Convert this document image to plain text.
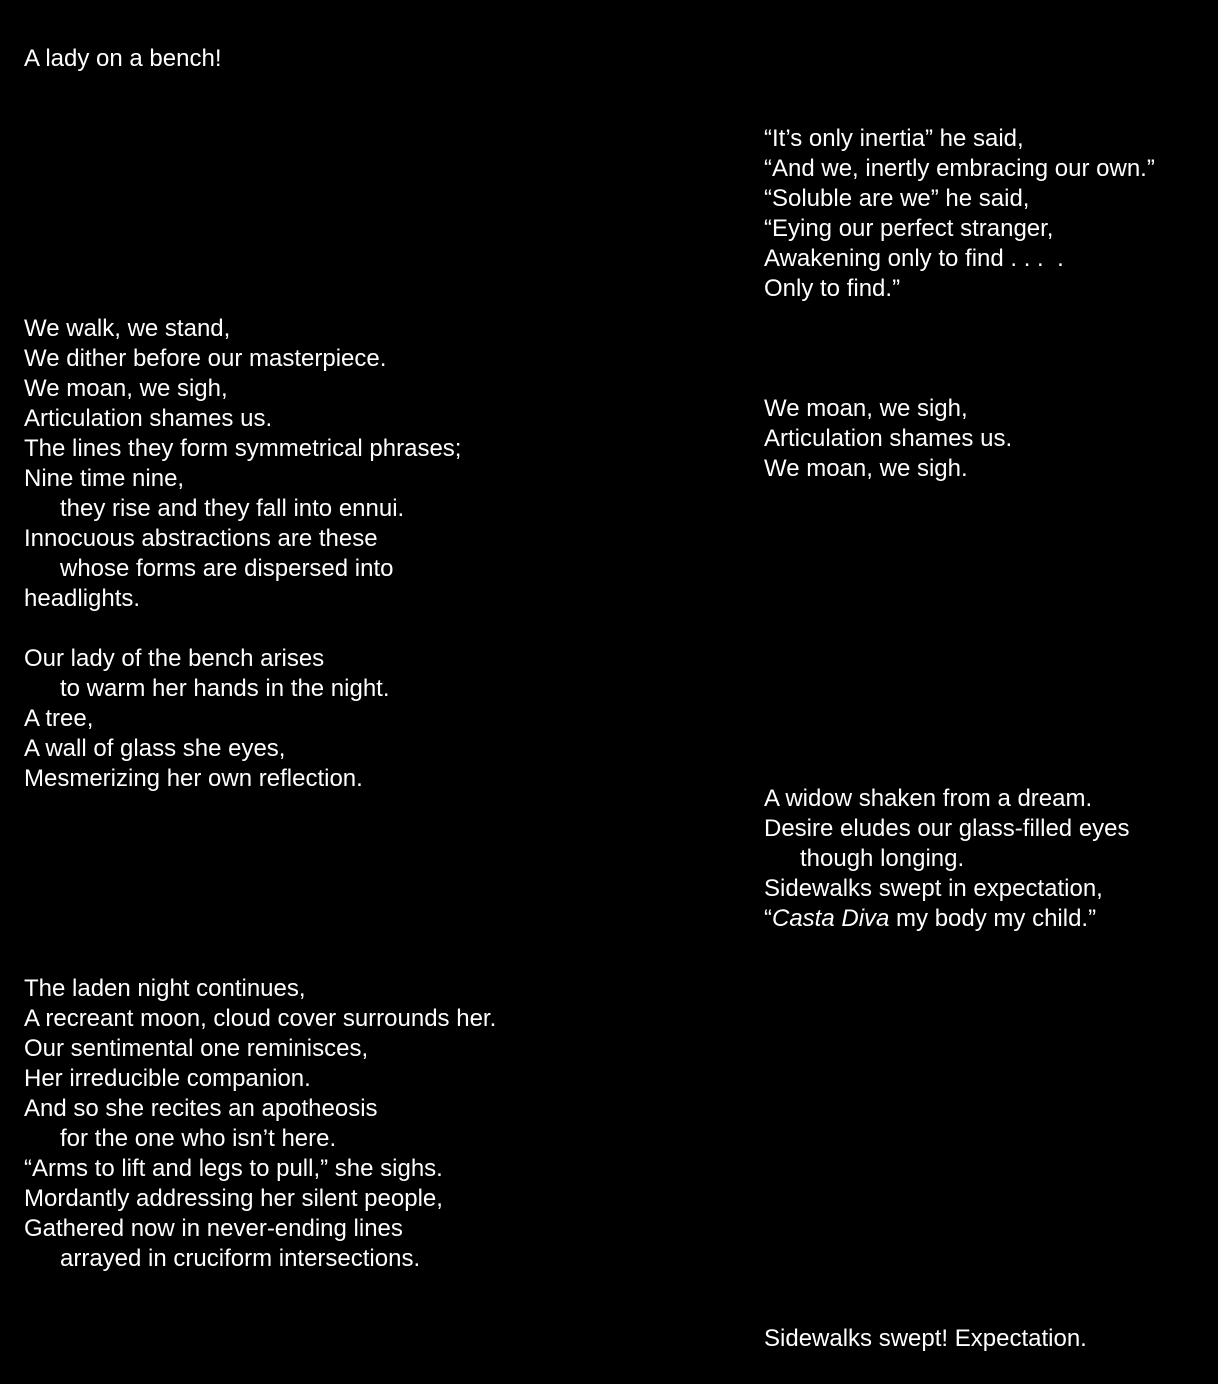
A lady on a bench!
We walk, we stand,
We dither before our masterpiece.
We moan, we sigh,
Articulation shames us.
The lines they form symmetrical phrases;
Nine time nine,
they rise and they fall into ennui.
Innocuous abstractions are these
whose forms are dispersed into
headlights.
Our lady of the bench arises
to warm her hands in the night.
A tree,
A wall of glass she eyes,
Mesmerizing her own reflection.
The laden night continues,
A recreant moon, cloud cover surrounds her.
Our sentimental one reminisces,
Her irreducible companion.
And so she recites an apotheosis
for the one who isn’t here.
“Arms to lift and legs to pull,” she sighs.
Mordantly addressing her silent people,
Gathered now in never-ending lines
arrayed in cruciform intersections.
“It’s only inertia” he said,
“And we, inertly embracing our own.”
“Soluble are we” he said,
“Eying our perfect stranger,
Awakening only to find . . .  .
Only to find.”
We moan, we sigh,
Articulation shames us.
We moan, we sigh.
A widow shaken from a dream.
Desire eludes our glass-filled eyes
though longing.
Sidewalks swept in expectation,
“Casta Diva my body my child.”
Sidewalks swept! Expectation.
